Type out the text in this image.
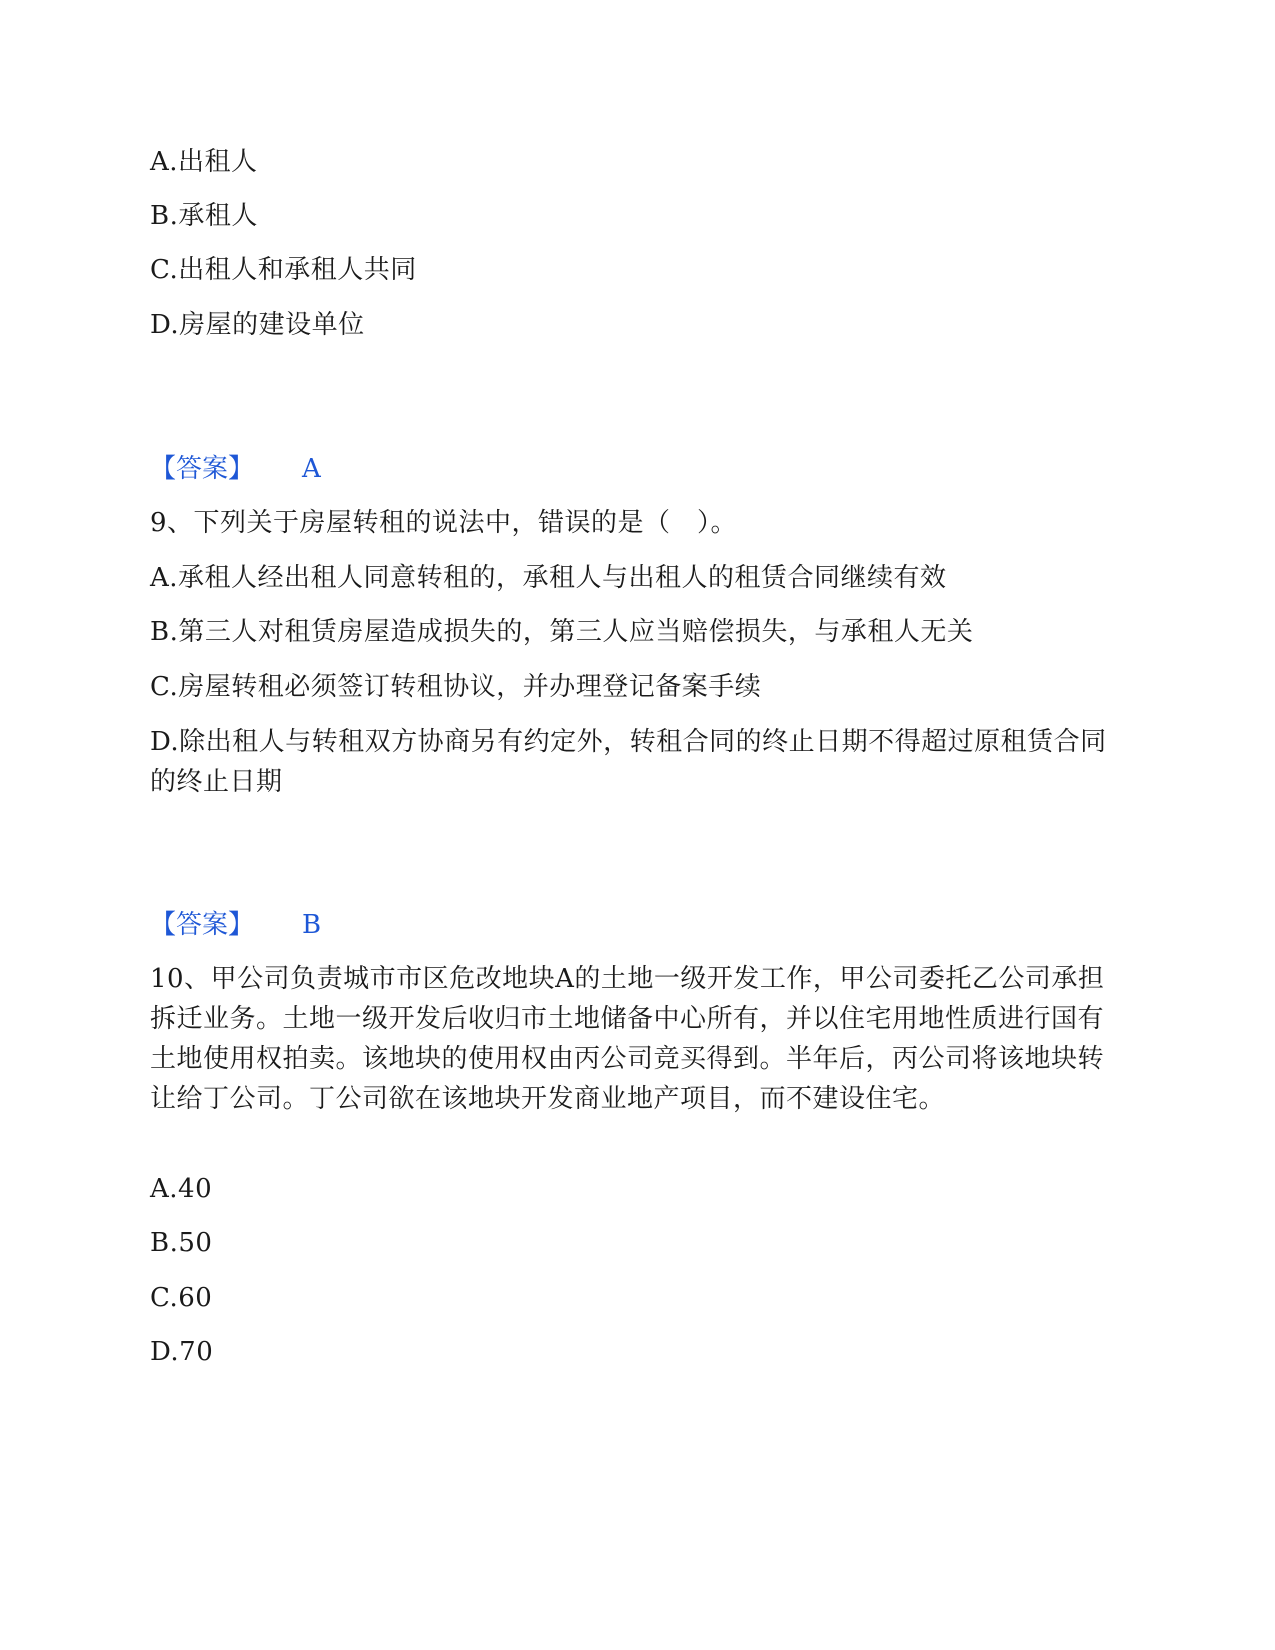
A.出租人
B.承租人
C.出租人和承租人共同
D.房屋的建设单位
【答案】 A
9、下列关于房屋转租的说法中，错误的是（　）。
A.承租人经出租人同意转租的，承租人与出租人的租赁合同继续有效
B.第三人对租赁房屋造成损失的，第三人应当赔偿损失，与承租人无关
C.房屋转租必须签订转租协议，并办理登记备案手续
D.除出租人与转租双方协商另有约定外，转租合同的终止日期不得超过原租赁合同的终止日期
【答案】 B
10、甲公司负责城市市区危改地块A的土地一级开发工作，甲公司委托乙公司承担拆迁业务。土地一级开发后收归市土地储备中心所有，并以住宅用地性质进行国有土地使用权拍卖。该地块的使用权由丙公司竞买得到。半年后，丙公司将该地块转让给丁公司。丁公司欲在该地块开发商业地产项目，而不建设住宅。
A.40
B.50
C.60
D.70
